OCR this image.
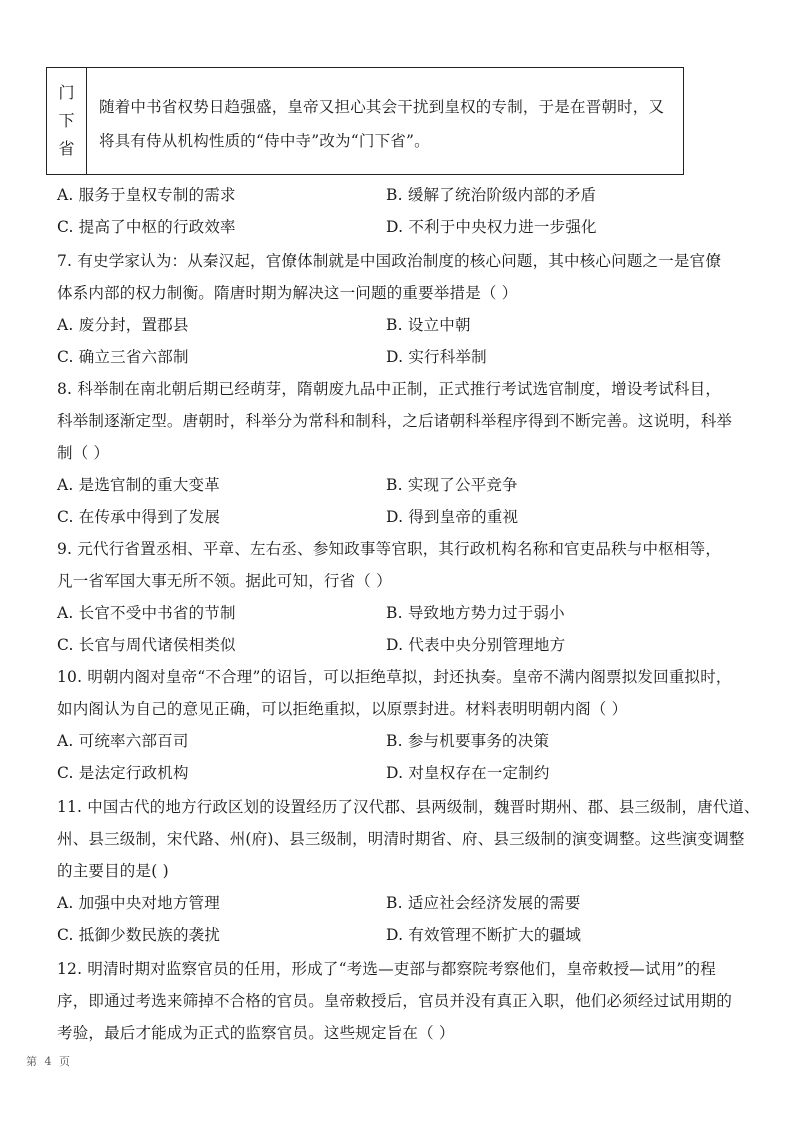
门
下
省
随着中书省权势日趋强盛，皇帝又担心其会干扰到皇权的专制，于是在晋朝时，又
将具有侍从机构性质的“侍中寺”改为“门下省”。
A. 服务于皇权专制的需求	B. 缓解了统治阶级内部的矛盾
C. 提高了中枢的行政效率	D. 不利于中央权力进一步强化
7. 有史学家认为：从秦汉起，官僚体制就是中国政治制度的核心问题，其中核心问题之一是官僚
体系内部的权力制衡。隋唐时期为解决这一问题的重要举措是（ ）
A. 废分封，置郡县	B. 设立中朝
C. 确立三省六部制	D. 实行科举制
8. 科举制在南北朝后期已经萌芽，隋朝废九品中正制，正式推行考试选官制度，增设考试科目，
科举制逐渐定型。唐朝时，科举分为常科和制科，之后诸朝科举程序得到不断完善。这说明，科举
制（ ）
A. 是选官制的重大变革	B. 实现了公平竞争
C. 在传承中得到了发展	D. 得到皇帝的重视
9. 元代行省置丞相、平章、左右丞、参知政事等官职，其行政机构名称和官吏品秩与中枢相等，
凡一省军国大事无所不领。据此可知，行省（ ）
A. 长官不受中书省的节制	B. 导致地方势力过于弱小
C. 长官与周代诸侯相类似	D. 代表中央分别管理地方
10. 明朝内阁对皇帝“不合理”的诏旨，可以拒绝草拟，封还执奏。皇帝不满内阁票拟发回重拟时，
如内阁认为自己的意见正确，可以拒绝重拟，以原票封进。材料表明明朝内阁（ ）
A. 可统率六部百司	B. 参与机要事务的决策
C. 是法定行政机构	D. 对皇权存在一定制约
11. 中国古代的地方行政区划的设置经历了汉代郡、县两级制，魏晋时期州、郡、县三级制，唐代道、
州、县三级制，宋代路、州(府)、县三级制，明清时期省、府、县三级制的演变调整。这些演变调整
的主要目的是( )
A. 加强中央对地方管理	B. 适应社会经济发展的需要
C. 抵御少数民族的袭扰	D. 有效管理不断扩大的疆域
12. 明清时期对监察官员的任用，形成了“考选—吏部与都察院考察他们，皇帝敕授—试用”的程
序，即通过考选来筛掉不合格的官员。皇帝敕授后，官员并没有真正入职，他们必须经过试用期的
考验，最后才能成为正式的监察官员。这些规定旨在（ ）
第 4 页
